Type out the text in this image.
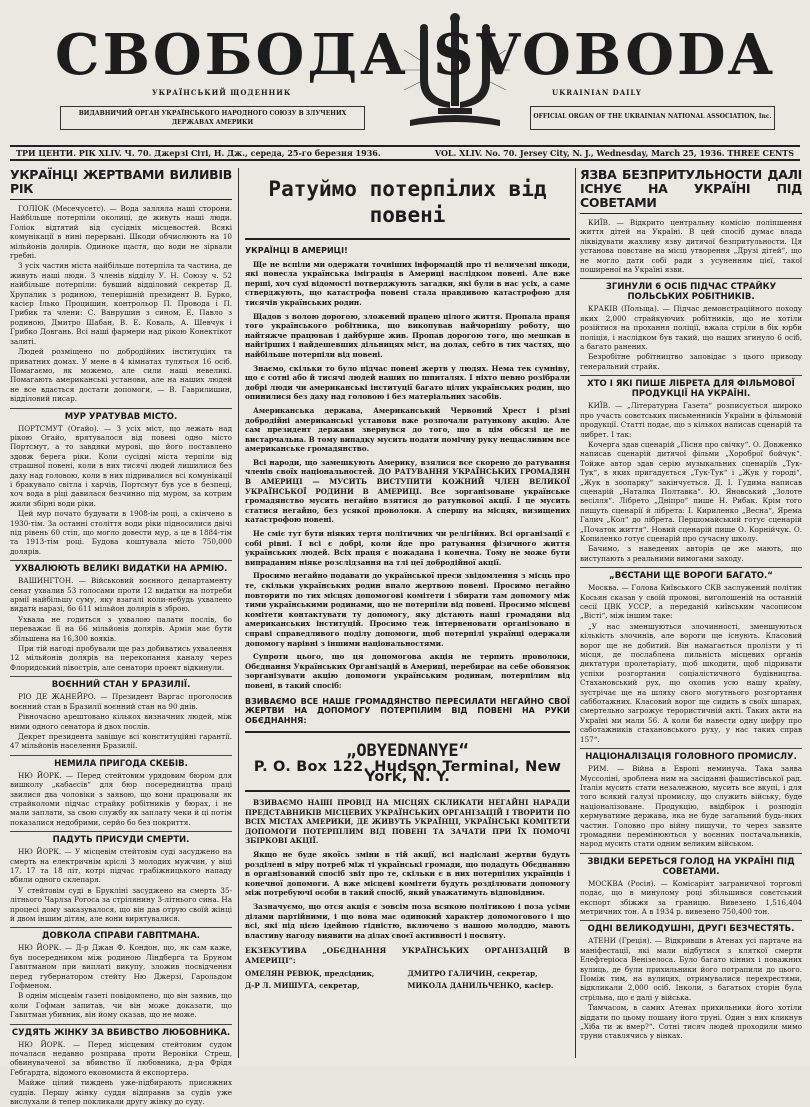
СВОБОДА
УКРАЇНСЬКИЙ ЩОДЕННИК
SVOBODA
UKRAINIAN DAILY
ВИДАВНИЧИЙ ОРГАН УКРАЇНСЬКОГО НАРОДНОГО СОЮЗУ В ЗЛУЧЕНИХ ДЕРЖАВАХ АМЕРИКИ
OFFICIAL ORGAN OF THE UKRAINIAN NATIONAL ASSOCIATION, Inc.
ТРИ ЦЕНТИ. РІК XLIV. Ч. 70. Джерзі Сіті, Н. Дж., середа, 25-го березня 1936.	VOL. XLIV. No. 70. Jersey City, N. J., Wednesday, March 25, 1936. THREE CENTS
УКРАЇНЦІ ЖЕРТВАМИ ВИЛИВІВ РІК

ГОЛІОК (Месечусетс). — Вода залляла наші сторони. Найбільше потерпіли околиці, де живуть наші люди. Голіок відтятий від сусідніх місцевостей. Всякі комунікації в нині перервані. Шкоди обчислюють на 10 мільйонів долярів. Одиноке щастя, що води не зірвали гребні.

З усіх частин міста найбільше потерпіла та частина, де живуть наші люди. З членів відділу У. Н. Союзу ч. 52 найбільше потерпіли: бувший відділовий секретар Д. Хрупалик з родиною, теперішній президент В. Бурко, касієр Ілько Процишин, контрольор П. Провода і П. Грибик та члени: С. Ванрушин з сином, Е. Павло з родиною, Дмитро Шабан, В. Е. Коваль, А. Шевчук і Грибко Довгань. Всі наші фармери над рікою Конектікот залиті.

Людей розміщено по добродійних інституціях та приватних домах. У мене в 4 кімнатах туляться 16 осіб. Помагаємо, як можемо, але сили наші невеликі. Помагають американські установи, але на наших людей не все вдається достати допомоги, — В. Гаврилишин, відділовий писар.

МУР УРАТУВАВ МІСТО.

ПОРТСМУТ (Огайо). — З усіх міст, що лежать над рікою Огайо, врятувалося від повені одно місто Портсмут, а то завдяки мурові, що його поставлено здовж берега ріки. Коли сусідні міста терпіли від страшної повені, коли в них тисячі людей лишилися без даху над головою, коли в них підривалися всі комунікації і бракувало світла і харчів, Портсмут був усе в безпеці, хоч вода в ріці давилася безчинно під муром, за котрим жили збірні води ріки.

Цей мур почато будувати в 1908-ім році, а скінчено в 1930-тім. За останні століття води ріки підносилися двічі під рівень 60 стіп, що могло довести мур, а це в 1884-тім та 1913-тім році. Будова коштувала місто 750,000 долярів.

УХВАЛЮЮТЬ ВЕЛИКІ ВИДАТКИ НА АРМІЮ.

ВАШИНГТОН. — Військовий воєнного департаменту сенат ухвалив 53 голосами проти 12 видатки на потреби армії найбільшу суму, яку взагалі коли-небудь ухвалено видати наразі, бо 611 мільйон долярів в зброю.

Ухвала не годиться з ухвалою палати послів, бо переважає її на 66 мільйонів долярів. Армія має бути збільшена на 16,300 вояків.

При тій нагоді пробували ще раз добиватись ухвалення 12 мільйонів долярів на перекопання каналу через Флоридський півострів, але сенатори проект відкинули.

ВОЄННИЙ СТАН У БРАЗИЛІЇ.

РІО ДЕ ЖАНЕЙРО. — Президент Варгас проголосив воєнний стан в Бразилії воєнний стан на 90 днів.

Рівночасно арештовано кількох визначних людей, між ними одного сенатора й двох послів.

Декрет президента завішує всі конституційні гарантії. 47 мільйонів населення Бразилії.

НЕМИЛА ПРИГОДА СКЕБІВ.

НЮ ЙОРК. — Перед стейтовим урядовим бюром для вишколу „кабаєсів“ для бюр посередництва праці звилися два чоловіки з заявою, що вони працювали як страйколоми підчас страйку робітників у бюрах, і не мали заплати, за свою службу як заплату чеки й ці потім показалися недобрими, серйо бо без покриття.

ПАДУТЬ ПРИСУДИ СМЕРТИ.

НЮ ЙОРК. — У місцевім стейтовім суді засуджено на смерть на електричнім кріслі 3 молодих мужчин, у віці 17, 17 та 18 літ, котрі підчас грабіжницького нападу вбили одного склепаря.

У стейтовім суді в Брукліні засуджено на смерть 35-літнього Чарлза Рогоса за стрілянину 3-літнього сина. На процесі дому заказувалося, що він дав отрую своїй жінці й двом іншим дітям, але вони вирятувалися.

ДОВКОЛА СПРАВИ ГАВПТМАНА.

НЮ ЙОРК. — Д-р Джан Ф. Кондон, що, як сам каже, був посередником між родиною Ліндберга та Бруном Гавптманом при виплаті викупу, зложив посвідчення перед губернатором стейту Ню Джерзі, Гарольдом Гофменом.

В однім місцевім газеті повідомлено, що він заявив, що коли Гофман запитав, чи він може доказати, що Гавптман убивник, він йому сказав, що не може.

СУДЯТЬ ЖІНКУ ЗА ВБИВСТВО ЛЮБОВНИКА.

НЮ ЙОРК. — Перед місцевим стейтовим судом почалася недавно розправа проти Вероніки Стреш, обвинуваченої за вбивство її любовника, д-ра Фрідя Гебгардта, відомого економиста й експортера.

Майже цілий тиждень уже-підбирають присяжних судців. Першу жінку суддя відправив за судів уже вислухали й тепер покликали другу жінку до суду.

Ратуймо потерпілих від повені
УКРАЇНЦІ В АМЕРИЦІ!

Ще не вспіли ми одержати точнішиx інформацій про ті величезні шкоди, які понесла українська іміграція в Америці наслідком повені. Але вже перші, хоч сухі відомості потверджують загадки, які були в нас усіх, а саме стверджують, що катастрофа повені стала правдивою катастрофою для тисячів українських родин.

Щадов з волою дорогою, зложений працею цілого життя. Пропала праця того українського робітника, що викопував найчорнішу роботу, що найтяжче працював і дайбурше жив. Пропав дорогою того, що мешкав в найгірших і найдешевших дільницях міст, на долах, себто в тих частях, що найбільше потерпіли від повені.

Знаємо, скільки то було підчас повені жертв у людях. Нема тек сумніву, що є сотні або й тисячі людей наших по шпиталях. І ніхто певно розібрали добрі люди чи американські інституції багато цілих українських родин, що опинилися без даху над головою і без матеріальних засобів.

Американська держава, Американський Червоний Хрест і різні добродійні американські установи вже розпочали ратункову акцію. Але сам президент держави звернувся до того, що в цім обсязі це не вистарчальна. В тому випадку мусить подати помічну руку нещасливим все американське громадянство.

Всі народи, що замешкують Америку, взялися все скорено до ратування членів своїх національностей. ДО РАТУВАННЯ УКРАЇНСЬКИХ ГРОМАДЯН В АМЕРИЦІ — МУСИТЬ ВИСТУПИТИ КОЖНИЙ ЧЛЕН ВЕЛИКОЇ УКРАЇНСЬКОЇ РОДИНИ В АМЕРИЦІ. Все зорганізоване українське громадянство мусить негайно взятися до ратункової акції. І це мусить статися негайно, без усякої проволоки. А спершу на місцях, визищених катастрофою повені.

Не сміє тут бути ніяких тертя політичних чи релігійних. Всі організації є собі рівні. І всі є добрі, коли йде про ратування фізичного життя українських людей. Всіх праця є пожадана і конечна. Тому не може бути випраданим ніяке розслідзання на тлі цеї добродійної акції.

Просимо негайно подавати до української преси звідомлення з місць про те, скільки українських родин впало жертвою повені. Просимо негайно повторити по тих місцях допомогові комітети і збирати там допомогу між тими українськими родинами, що не потерпіли від повені. Просимо місцеві комітети контактувати ту допомогу, яку дістають наші громадяни від американських інституцій. Просимо теж інтервеновати організовано в справі справедливого поділу допомоги, щоб потерпілі українці одержали допомогу нарівні з іншими національностями.

Супроти цього, що ця допомогова акція не терпить проволоки, Обєднання Українських Організацій в Америці, перебирає на себе обовязок зорганізувати акцію допомоги українським родинам, потерпілим від повені, в такий спосіб:

ВЗИВАЄМО ВСЕ НАШЕ ГРОМАДЯНСТВО ПЕРЕСИЛАТИ НЕГАЙНО СВОЇ ЖЕРТВИ НА ДОПОМОГУ ПОТЕРПІЛИМ ВІД ПОВЕНІ НА РУКИ ОБЄДНАННЯ:
„OBYEDNANYE“
P. O. Box 122. Hudson Terminal, New York, N. Y.

ВЗИВАЄМО НАШІ ПРОВІД НА МІСЦЯХ СКЛИКАТИ НЕГАЙНІ НАРАДИ ПРЕДСТАВНИКІВ МІСЦЕВИХ УКРАЇНСЬКИХ ОРГАНІЗАЦІЙ І ТВОРИТИ ПО ВСІХ МІСТАХ АМЕРИКИ, ДЕ ЖИВУТЬ УКРАЇНЦІ, УКРАЇНСЬКІ КОМІТЕТИ ДОПОМОГИ ПОТЕРПІЛИМ ВІД ПОВЕНІ ТА ЗАЧАТИ ПРИ ЇХ ПОМОЧІ ЗБІРКОВІ АКЦІЇ.

Якщо не буде якоїсь зміни в тій акції, всі надіслані жертви будуть розділені в міру потреб між ті українські громади, що подадуть Обєднанню в організований спосіб звіт про те, скільки є в них потерпілих українців і конечної допомоги. А вже місцеві комітети будуть розділювати допомогу між потребуючі особи в такий спосіб, який уважатимуть відповідним.

Зазначуємо, що отся акція є зовсім поза всякою політикою і поза усіми ділами партійними, і що вона має одинокий характер допомогового і що всі, які під цією ідейною гідністю, включено з нашою молоддю, мають властиву нагоду виявити на ділах своєї активності і посвяту.

ЕКЗЕКУТИВА „ОБЄДНАННЯ УКРАЇНСЬКИХ ОРГАНІЗАЦІЙ В АМЕРИЦІ“:
ОМЕЛЯН РЕВЮК, предсідник,	ДМИТРО ГАЛИЧИН, секретар,
Д-Р Л. МИШУГА, секретар,	МИКОЛА ДАНИЛЬЧЕНКО, касієр.
ЯЗВА БЕЗПРИТУЛЬНОСТИ ДАЛІ ІСНУЄ НА УКРАЇНІ ПІД СОВЕТАМИ

КИЇВ. — Відкрито центральну комісію поліпшення життя дітей на Україні. В цей спосіб думає влада ліквідувати жахливу язву дитячої безпритульности. Ця установа повстане на місці утворення „Друзі дітей“, що не могло дати собі ради з усуненням цієї, такої поширеної на Україні язви.

ЗГИНУЛИ 6 ОСІБ ПІДЧАС СТРАЙКУ ПОЛЬСЬКИХ РОБІТНИКІВ.

КРАКІВ (Польща). — Підчас демонстраційного походу яких 2,000 страйкуючих робітників, що не хотіли розійтися на прохання поліції, вжала стріли в бік юрби поліція, і наслідком був такий, що наших згинуло 6 осіб, а багато ранених.

Безробітне робітництво заповідає з цього приводу генеральний страйк.

ХТО І ЯКІ ПИШЕ ЛІБРЕТА ДЛЯ ФІЛЬМОВОЇ ПРОДУКЦІЇ НА УКРАЇНІ.

КИЇВ. — „Літературна Газета“ розписується широко про участь совєтських письменників України в фільмовій продукції. Статті подає, що з кількох написав сценарій та либрет. І так:

Кочерга здав сценарій „Пісня про свічку“. О. Довженко написав сценарій дитячої фільми „Хороброї бойчук“. Тойже автор здав серію музыкальних сценаріїв „Тук-Тук“, в яких пригадується „Тук-Тук“ і „Жук у городі“, „Жук в зоопарку“ закінчується. Д. І. Гудима написав сценарій „Наталка Полтавка“. Ю. Яновський „Золоте весілля“. Лібрето „Дніпро“ пише Н. Рибак. Крім того пишуть сценарії й лібрета: І. Кириленко „Весна“, Ярема Галич „Кол“ до лібрета. Першомайський готує сценарій „Початок життя“. Новий сценарій пише О. Корнійчук. О. Копиленко готує сценарій про сучасну школу.

Бачимо, з наведених авторів це же мають, що виступають з реальними вимогами заходу.

„ВЄСТАНИ ЩЕ ВОРОГИ БАГАТО.“

Москва. — Голова Київського СКВ заслужений політик Косьян сказав у своїй промові, виголошеній на останній сесії ЦВК УССР, а переданій київським часописом „Вісті“, між іншим таке:

„У нас зменшуються злочинності, зменшуються кількість злочинів, але вороги ще існують. Класовий ворог ще не добитий. Він намагається пролізти у ті місця, де послаблена пильність місцевих органів диктатури пролетаріату, щоб шкодити, щоб підривати успіхи розгортання соціалістичного будівництва. Стахановський рух, що охопив усю нашу країну, зустрічає ще на шляху свого могутнього розгортання сабботажних. Класовий ворог ще сидить в своїх шпарах, смертельно загрожує терористичній акті. Таких акти на Україні ми мали 56. А коли би навести одну цифру про саботажників стахановського руху, у нас таких справ 157“.

НАЦІОНАЛІЗАЦІЯ ГОЛОВНОГО ПРОМИСЛУ.

РИМ. — Війна в Европі неминуча. Така заява Муссоліні, зроблена ним на засіданні фашистівської рад. Італія мусить стати незалежною, мусить все вкупі, і для того всякий галузі промислу, що служить війську, буде націоналізоване. Продукцію, ввідбірок і розподіл кермуватиме держава, яка не буде загальний будь-яких частин. Головно про війну пишучи, то через завзяте громадяни перемінюються у воєнних постачальників, народ мусить стати одним великим військом.

ЗВІДКИ БЕРЕТЬСЯ ГОЛОД НА УКРАЇНІ ПІД СОВЕТАМИ.

МОСКВА (Росія). — Комісаріят заграничної торговлі подає, що в минулому році збільшився совєтський експорт збіжжя за границю. Вивезено 1,516,404 метричних тон. А в 1934 р. вивезено 750,400 тон.

ОДНІ ВЕЛИКОДУШНІ, ДРУГІ БЕЗЧЕСТЯТЬ.

АТЕНИ (Греція). — Відкривши в Атенах усі партаче на маніфестації, які мали відбутися з кляткої смерти Елефтеріоса Венізелоса. Було багато кінних і поважних вулиць, де були прихильники його потрапили до цього. Поміж тим, на вулицях, отримувалися перехрестями, відкликали 2,000 осіб. Інколи, з багатьох сторін була стрільна, що є далі у війська.

Тимчасом, в самих Атенах прихильники його хотіли віддати по цьому пошану його труні. Один з них кликнув „Хіба ти ж вмер?“. Сотні тисяч людей проходили мимо труни ставлячись у вінках.
